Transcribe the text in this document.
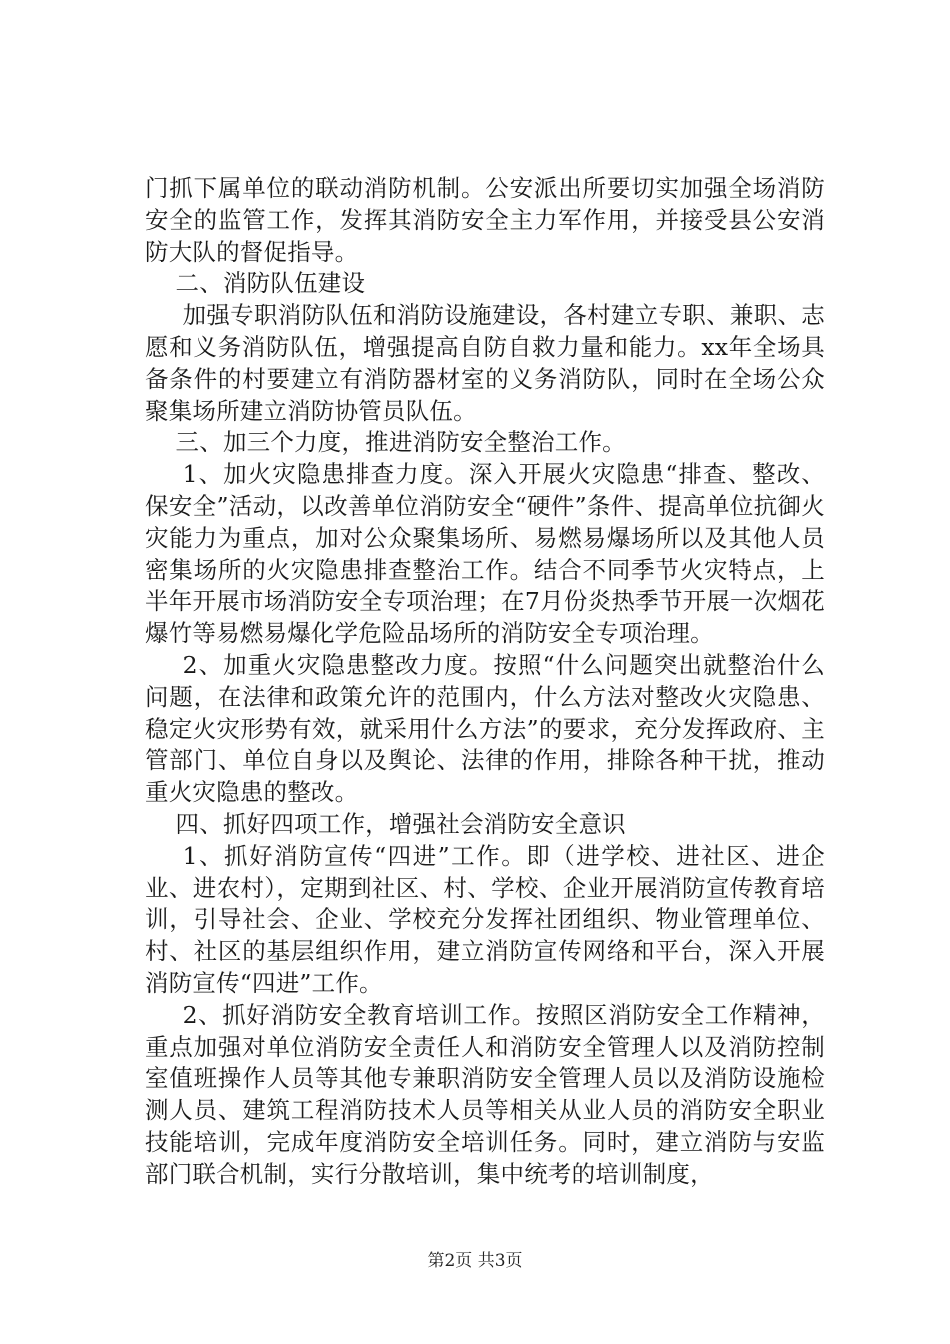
门抓下属单位的联动消防机制。公安派出所要切实加强全场消防安全的监管工作，发挥其消防安全主力军作用，并接受县公安消防大队的督促指导。

二、消防队伍建设

加强专职消防队伍和消防设施建设，各村建立专职、兼职、志愿和义务消防队伍，增强提高自防自救力量和能力。xx年全场具备条件的村要建立有消防器材室的义务消防队，同时在全场公众聚集场所建立消防协管员队伍。

三、加三个力度，推进消防安全整治工作。

1、加火灾隐患排查力度。深入开展火灾隐患“排查、整改、保安全”活动，以改善单位消防安全“硬件”条件、提高单位抗御火灾能力为重点，加对公众聚集场所、易燃易爆场所以及其他人员密集场所的火灾隐患排查整治工作。结合不同季节火灾特点，上半年开展市场消防安全专项治理；在7月份炎热季节开展一次烟花爆竹等易燃易爆化学危险品场所的消防安全专项治理。

2、加重火灾隐患整改力度。按照“什么问题突出就整治什么问题，在法律和政策允许的范围内，什么方法对整改火灾隐患、稳定火灾形势有效，就采用什么方法”的要求，充分发挥政府、主管部门、单位自身以及舆论、法律的作用，排除各种干扰，推动重火灾隐患的整改。

四、抓好四项工作，增强社会消防安全意识

1、抓好消防宣传“四进”工作。即（进学校、进社区、进企业、进农村），定期到社区、村、学校、企业开展消防宣传教育培训，引导社会、企业、学校充分发挥社团组织、物业管理单位、村、社区的基层组织作用，建立消防宣传网络和平台，深入开展消防宣传“四进”工作。

2、抓好消防安全教育培训工作。按照区消防安全工作精神，重点加强对单位消防安全责任人和消防安全管理人以及消防控制室值班操作人员等其他专兼职消防安全管理人员以及消防设施检测人员、建筑工程消防技术人员等相关从业人员的消防安全职业技能培训，完成年度消防安全培训任务。同时，建立消防与安监部门联合机制，实行分散培训，集中统考的培训制度，

第2页 共3页
